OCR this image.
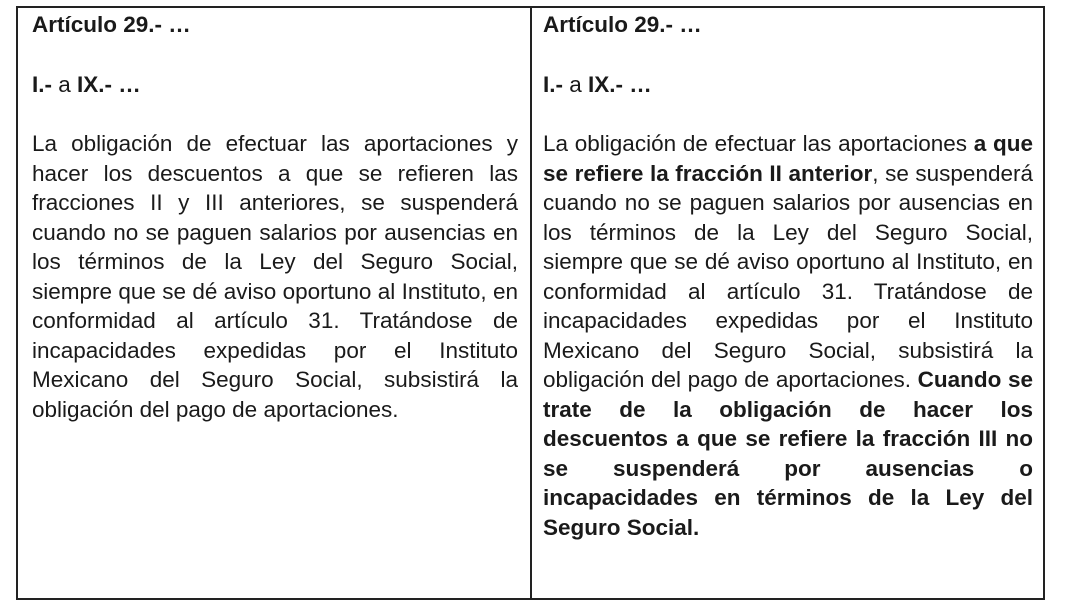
Artículo 29.- …

I.- a IX.- …

La obligación de efectuar las aportaciones y hacer los descuentos a que se refieren las fracciones II y III anteriores, se suspenderá cuando no se paguen salarios por ausencias en los términos de la Ley del Seguro Social, siempre que se dé aviso oportuno al Instituto, en conformidad al artículo 31. Tratándose de incapacidades expedidas por el Instituto Mexicano del Seguro Social, subsistirá la obligación del pago de aportaciones.

Artículo 29.- …

I.- a IX.- …

La obligación de efectuar las aportaciones a que se refiere la fracción II anterior, se suspenderá cuando no se paguen salarios por ausencias en los términos de la Ley del Seguro Social, siempre que se dé aviso oportuno al Instituto, en conformidad al artículo 31. Tratándose de incapacidades expedidas por el Instituto Mexicano del Seguro Social, subsistirá la obligación del pago de aportaciones. Cuando se trate de la obligación de hacer los descuentos a que se refiere la fracción III no se suspenderá por ausencias o incapacidades en términos de la Ley del Seguro Social.
